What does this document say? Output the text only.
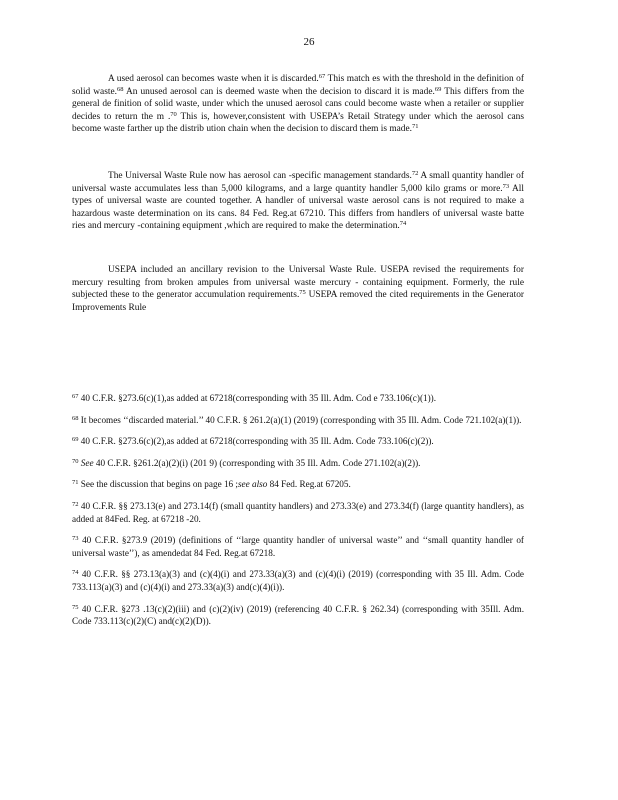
26

A used aerosol can becomes waste when it is discarded.$^{67}$ This match es with the threshold in the definition of solid waste.$^{68}$ An unused aerosol can is deemed waste when the decision to discard it is made.$^{69}$ This differs from the general de finition of solid waste, under which the unused aerosol cans could become waste when a retailer or supplier decides to return the m .$^{70}$ This is, however,consistent with USEPA’s Retail Strategy under which the aerosol cans become waste farther up the distrib ution chain when the decision to discard them is made.$^{71}$

The Universal Waste Rule now has aerosol can -specific management standards.$^{72}$ A small quantity handler of universal waste accumulates less than 5,000 kilograms, and a large quantity handler 5,000 kilo grams or more.$^{73}$ All types of universal waste are counted together. A handler of universal waste aerosol cans is not required to make a hazardous waste determination on its cans. 84 Fed. Reg.at 67210. This differs from handlers of universal waste batte ries and mercury -containing equipment ,which are required to make the determination.$^{74}$

USEPA included an ancillary revision to the Universal Waste Rule. USEPA revised the requirements for mercury resulting from broken ampules from universal waste mercury - containing equipment. Formerly, the rule subjected these to the generator accumulation requirements.$^{75}$ USEPA removed the cited requirements in the Generator Improvements Rule

$^{67}$ 40 C.F.R. §273.6(c)(1),as added at 67218(corresponding with 35 Ill. Adm. Cod e 733.106(c)(1)).

$^{68}$ It becomes ‘‘discarded material.’’ 40 C.F.R. § 261.2(a)(1) (2019) (corresponding with 35 Ill. Adm. Code 721.102(a)(1)).

$^{69}$ 40 C.F.R. §273.6(c)(2),as added at 67218(corresponding with 35 Ill. Adm. Code 733.106(c)(2)).

$^{70}$ See 40 C.F.R. §261.2(a)(2)(i) (201 9) (corresponding with 35 Ill. Adm. Code 271.102(a)(2)).

$^{71}$ See the discussion that begins on page 16 ;see also 84 Fed. Reg.at 67205.

$^{72}$ 40 C.F.R. §§ 273.13(e) and 273.14(f) (small quantity handlers) and 273.33(e) and 273.34(f) (large quantity handlers), as added at 84Fed. Reg. at 67218 -20.

$^{73}$ 40 C.F.R. §273.9 (2019) (definitions of ‘‘large quantity handler of universal waste’’ and ‘‘small quantity handler of universal waste’’), as amendedat 84 Fed. Reg.at 67218.

$^{74}$ 40 C.F.R. §§ 273.13(a)(3) and (c)(4)(i) and 273.33(a)(3) and (c)(4)(i) (2019) (corresponding with 35 Ill. Adm. Code 733.113(a)(3) and (c)(4)(i) and 273.33(a)(3) and(c)(4)(i)).

$^{75}$ 40 C.F.R. §273 .13(c)(2)(iii) and (c)(2)(iv) (2019) (referencing 40 C.F.R. § 262.34) (corresponding with 35Ill. Adm. Code 733.113(c)(2)(C) and(c)(2)(D)).
